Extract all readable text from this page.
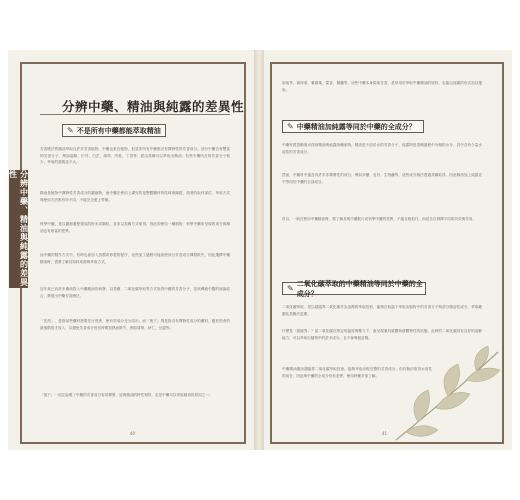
分辨中藥、精油與純露的差異性
分辨中藥、精油與純露的差異性
✎ 不是所有中藥都能萃取精油
芳香療法的精油萃取自許多芳香植物，中藥也來自植物，但並非所有中藥都含有揮發性的芳香成分。部分中藥含有豐富的芳香分子，例如當歸、川芎、白芷、薄荷、肉桂、丁香等，經由蒸餾可以萃取出精油；有些中藥所含的芳香分子極少，萃取的意義並不大。
精油是植物中揮發性芳香成分的濃縮物，而中藥在使用上講究的是整體藥材的性味與歸經，兩者的取材部位、萃取方式與使用方法都有所不同，不能完全畫上等號。
科學中藥，是以濃縮製程製成的粉末或顆粒，並非以蒸餾方式取得，因此即使同一種植物，科學中藥所呈現的成分與精油也有相當的差異。
而中藥的製作方式中，有時也會加入蒸製或炒製的程序，這些加工過程可能會使部分芳香成分揮發散失，因此選擇中藥精油時，需要了解其原料來源與萃取方式。
近年來已有許多廠商投入中藥精油的研發，以蒸餾、二氧化碳萃取等方式取得中藥的芳香分子，並與傳統中醫的理論結合，發展出中藥芳香療法。
「先煎」，是指某些藥材需要先行煎煮，使有效成分充分溶出；而「後下」則是指含有揮發性成分的藥材，應於煎煮的最後階段才放入，以避免芳香成分因長時間加熱而散失，例如薄荷、砂仁、豆蔻等。
「後下」一詞正說明了中藥的芳香成分容易揮發，這與精油的特性相符，也是中藥可以萃取精油的原因之一。
40
如荊芥、薄荷葉、紫蘇葉、藿香、佩蘭等，這些中藥本身氣味芳香，是常用於萃取中藥精油的原料，也能以純露的形式加以運用。
✎ 中藥精油加純露等同於中藥的全成分？
中藥材經蒸餾後可得到精油與純露兩種產物，精油是不溶於水的芳香分子，純露則是蒸餾過程中冷凝的水分，其中含有少量水溶性的芳香成分。
然而，中藥材中還含有許多非揮發性的成分，例如多醣、皂苷、生物鹼等，這些成分無法透過蒸餾取得，因此精油加上純露並不等同於中藥的全部成分。
所以，一般在使用中藥精油時，要了解其與中藥飲片或科學中藥的差異，不能互相取代，而是各自發揮不同的功效與作用。
✎
二氧化碳萃取的中藥精油等同於中藥的全成分？
二氧化碳萃取，是以超臨界二氧化碳作為溶劑的萃取技術，能夠在低溫下萃取出植物中的芳香分子與部分脂溶性成分，萃取範圍比蒸餾法更廣。
什麼是「超臨界」？當二氧化碳在特定的溫度與壓力下，會呈現兼具氣體與液體特性的狀態，此時的二氧化碳具有良好的溶解能力，可以萃取出植物中的許多成分，且不會殘留溶劑。
中藥精油運用超臨界二氧化碳萃取技術，能夠萃取出較完整的芳香成分，但仍無法取得水溶性的成分，因此與中藥的全成分仍有差異，使用時應多加了解。
41
